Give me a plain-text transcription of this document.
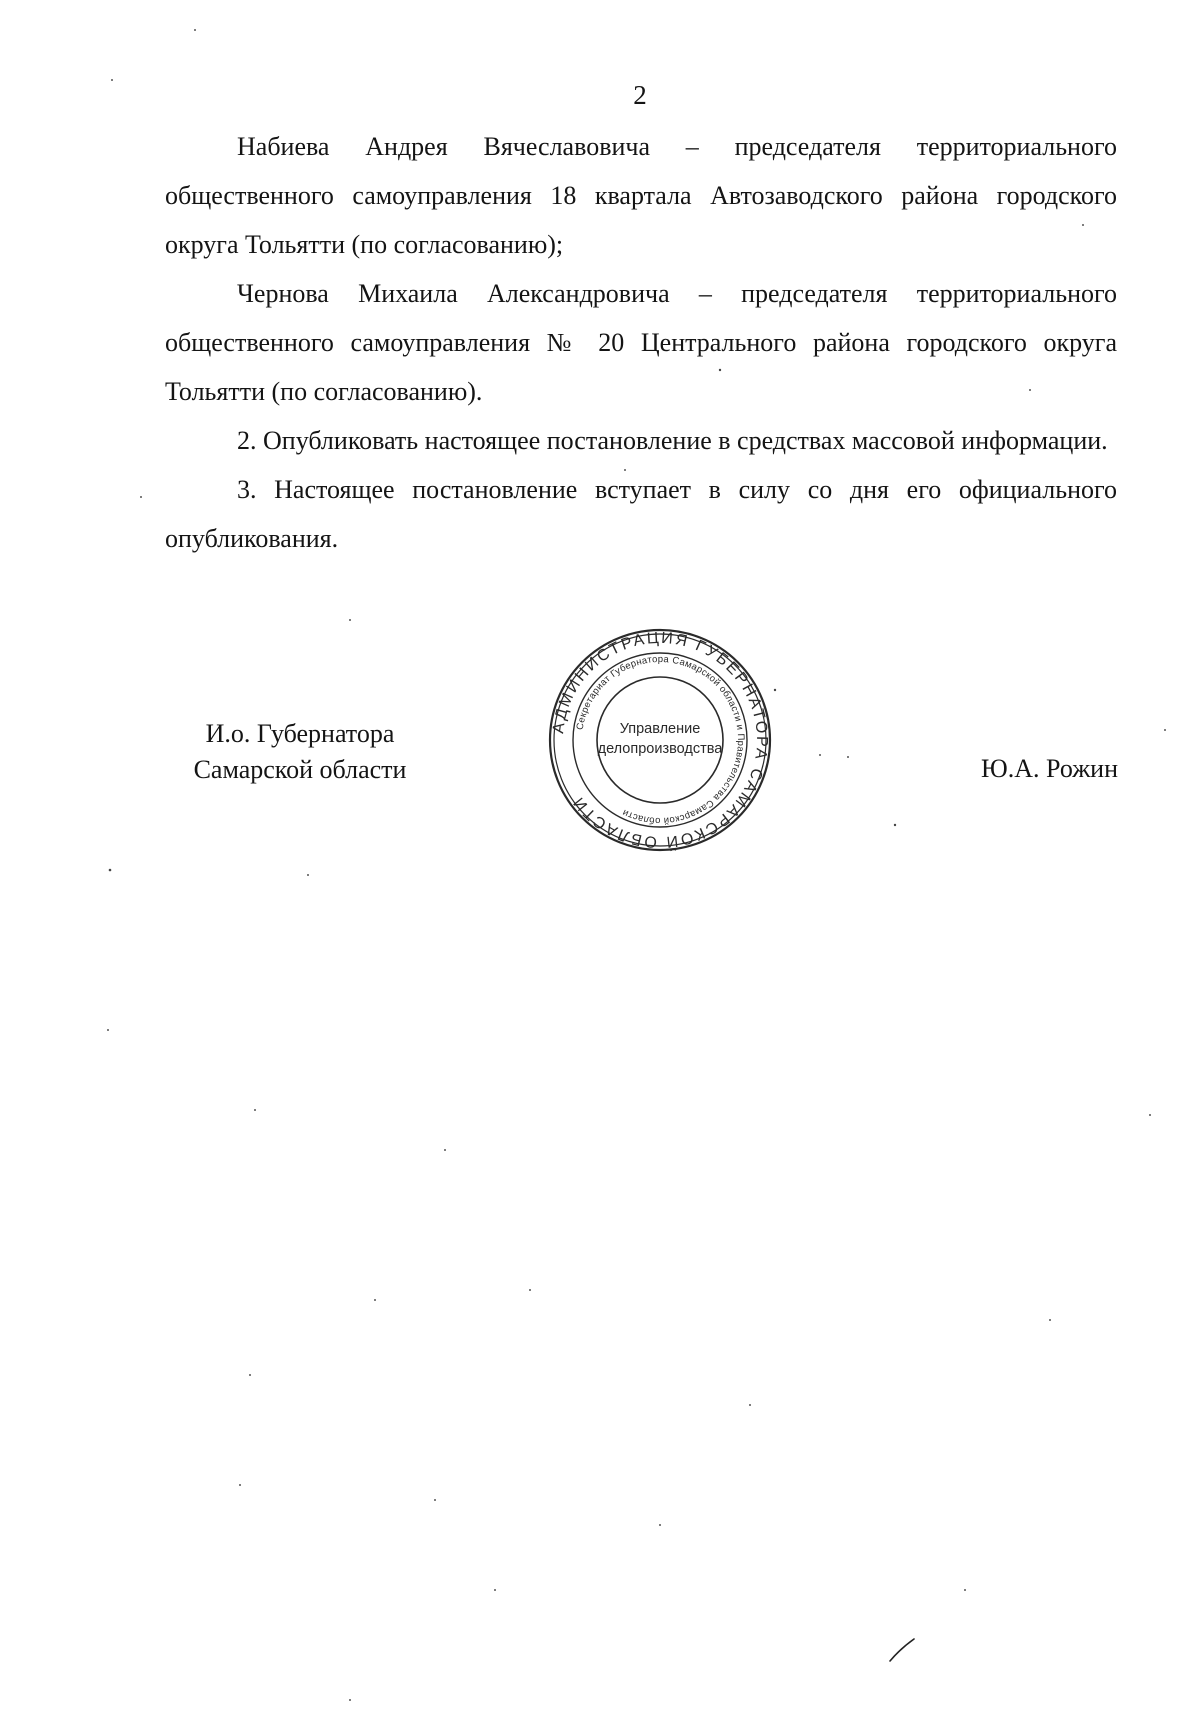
2

Набиева Андрея Вячеславовича – председателя территориального общественного самоуправления 18 квартала Автозаводского района городского округа Тольятти (по согласованию);

Чернова Михаила Александровича – председателя территориального общественного самоуправления № 20 Центрального района городского округа Тольятти (по согласованию).

2. Опубликовать настоящее постановление в средствах массовой информации.

3. Настоящее постановление вступает в силу со дня его официального опубликования.

И.о. Губернатора
Самарской области	Ю.А. Рожин
АДМИНИСТРАЦИЯ ГУБЕРНАТОРА САМАРСКОЙ ОБЛАСТИ
Секретариат Губернатора Самарской области и Правительства Самарской области
Управление
делопроизводства
